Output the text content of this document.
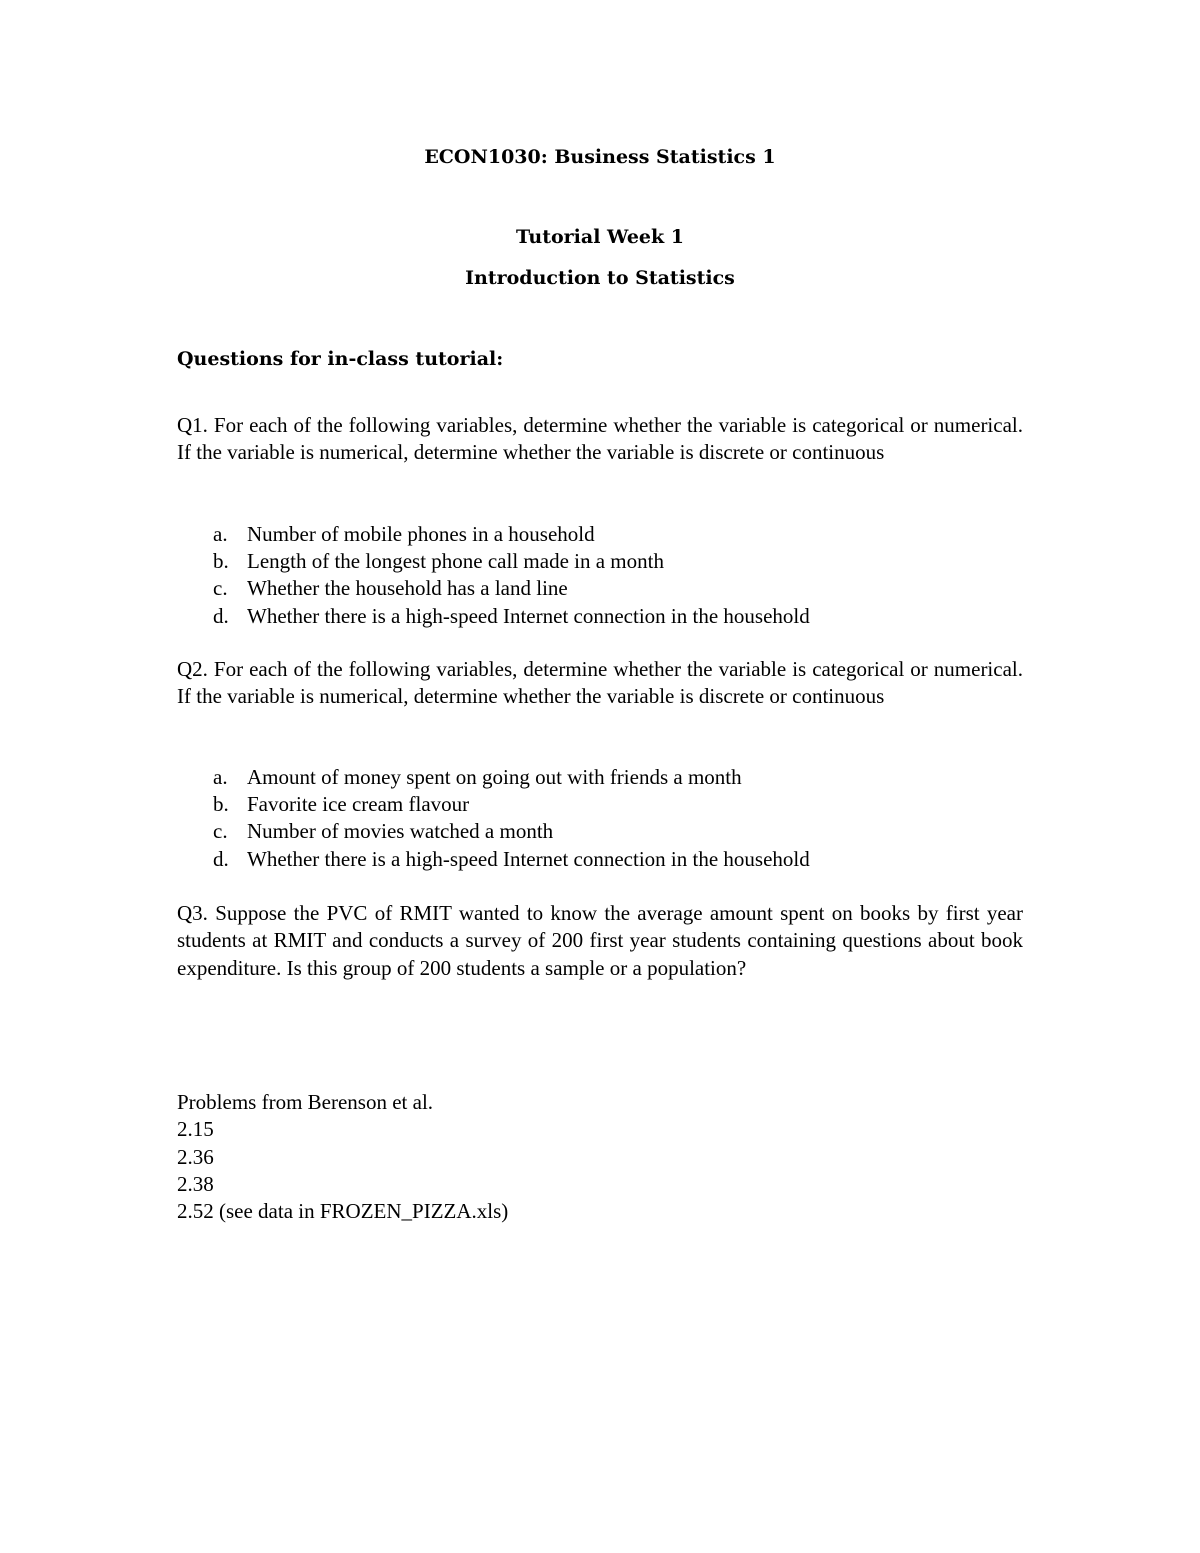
ECON1030: Business Statistics 1
Tutorial Week 1
Introduction to Statistics
Questions for in-class tutorial:
Q1. For each of the following variables, determine whether the variable is categorical or numerical. If the variable is numerical, determine whether the variable is discrete or continuous
a. Number of mobile phones in a household
b. Length of the longest phone call made in a month
c. Whether the household has a land line
d. Whether there is a high-speed Internet connection in the household
Q2. For each of the following variables, determine whether the variable is categorical or numerical. If the variable is numerical, determine whether the variable is discrete or continuous
a. Amount of money spent on going out with friends a month
b. Favorite ice cream flavour
c. Number of movies watched a month
d. Whether there is a high-speed Internet connection in the household
Q3. Suppose the PVC of RMIT wanted to know the average amount spent on books by first year students at RMIT and conducts a survey of 200 first year students containing questions about book expenditure. Is this group of 200 students a sample or a population?
Problems from Berenson et al.
2.15
2.36
2.38
2.52 (see data in FROZEN_PIZZA.xls)
